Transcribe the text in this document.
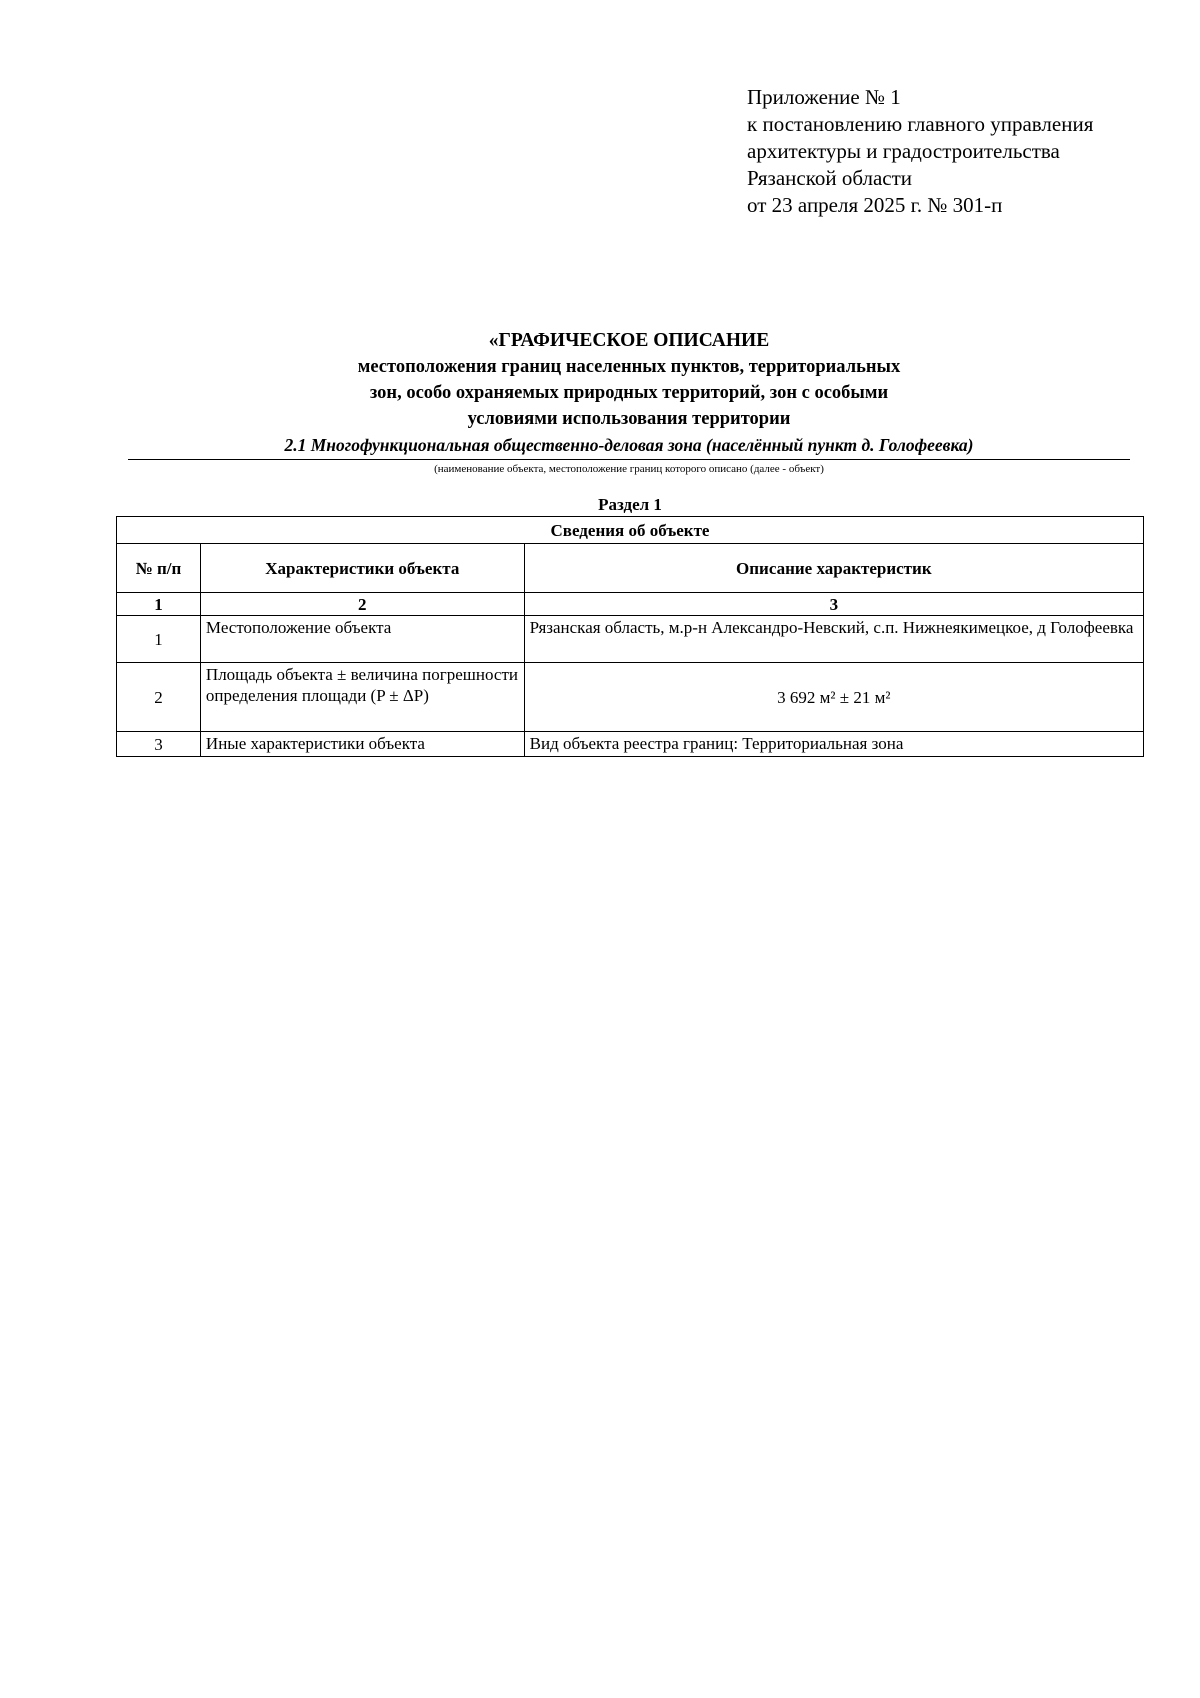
Приложение № 1
к постановлению главного управления
архитектуры и градостроительства
Рязанской области
от 23 апреля 2025 г. № 301-п
«ГРАФИЧЕСКОЕ ОПИСАНИЕ
местоположения границ населенных пунктов, территориальных
зон, особо охраняемых природных территорий, зон с особыми
условиями использования территории
2.1 Многофункциональная общественно-деловая зона (населённый пункт д. Голофеевка)
(наименование объекта, местоположение границ которого описано (далее - объект)
Раздел 1
Сведения об объекте		
№ п/п	Характеристики объекта	Описание характеристик
1	2	3
1	Местоположение объекта	Рязанская область, м.р-н Александро-Невский, с.п. Нижнеякимецкое, д Голофеевка
2	Площадь объекта ± величина погрешности определения площади (P ± ΔP)	3 692 м² ± 21 м²
3	Иные характеристики объекта	Вид объекта реестра границ: Территориальная зона
